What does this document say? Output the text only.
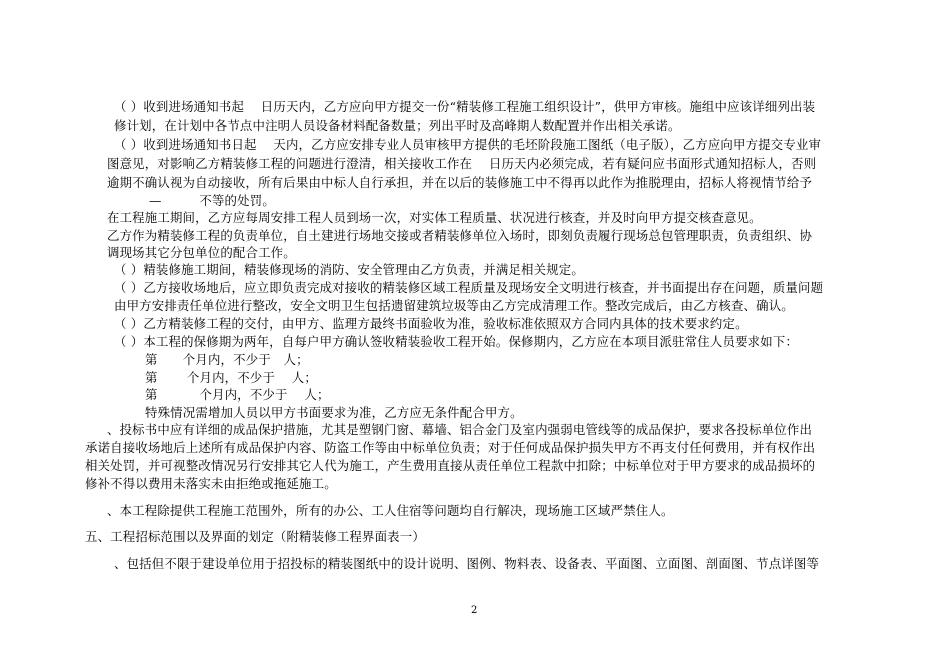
（ ）收到进场通知书起　 日历天内，乙方应向甲方提交一份“精装修工程施工组织设计”，供甲方审核。施组中应该详细列出装
修计划，在计划中各节点中注明人员设备材料配备数量；列出平时及高峰期人数配置并作出相关承诺。
（ ）收到进场通知书日起　 天内，乙方应安排专业人员审核甲方提供的毛坯阶段施工图纸（电子版），乙方应向甲方提交专业审
图意见，对影响乙方精装修工程的问题进行澄清，相关接收工作在　 日历天内必须完成，若有疑问应书面形式通知招标人，否则
逾期不确认视为自动接收，所有后果由中标人自行承担，并在以后的装修施工中不得再以此作为推脱理由，招标人将视情节给予
—　　　不等的处罚。
在工程施工期间，乙方应每周安排工程人员到场一次，对实体工程质量、状况进行核查，并及时向甲方提交核查意见。
乙方作为精装修工程的负责单位，自土建进行场地交接或者精装修单位入场时，即刻负责履行现场总包管理职责，负责组织、协
调现场其它分包单位的配合工作。
（ ）精装修施工期间，精装修现场的消防、安全管理由乙方负责，并满足相关规定。
（ ）乙方接收场地后，应立即负责完成对接收的精装修区域工程质量及现场安全文明进行核查，并书面提出存在问题，质量问题
由甲方安排责任单位进行整改，安全文明卫生包括遗留建筑垃圾等由乙方完成清理工作。整改完成后，由乙方核查、确认。
（ ）乙方精装修工程的交付，由甲方、监理方最终书面验收为准，验收标准依照双方合同内具体的技术要求约定。
（ ）本工程的保修期为两年，自每户甲方确认签收精装验收工程开始。保修期内，乙方应在本项目派驻常住人员要求如下：
第　　个月内，不少于　人；
第　　 个月内，不少于　 人；
第　　　 个月内，不少于　 人；
特殊情况需增加人员以甲方书面要求为准，乙方应无条件配合甲方。
、投标书中应有详细的成品保护措施，尤其是塑钢门窗、幕墙、铝合金门及室内强弱电管线等的成品保护，要求各投标单位作出
承诺自接收场地后上述所有成品保护内容、防盗工作等由中标单位负责；对于任何成品保护损失甲方不再支付任何费用，并有权作出
相关处罚，并可视整改情况另行安排其它人代为施工，产生费用直接从责任单位工程款中扣除；中标单位对于甲方要求的成品损坏的
修补不得以费用未落实未由拒绝或拖延施工。
、本工程除提供工程施工范围外，所有的办公、工人住宿等问题均自行解决，现场施工区域严禁住人。
五、工程招标范围以及界面的划定（附精装修工程界面表一）
、包括但不限于建设单位用于招投标的精装图纸中的设计说明、图例、物料表、设备表、平面图、立面图、剖面图、节点详图等
2
